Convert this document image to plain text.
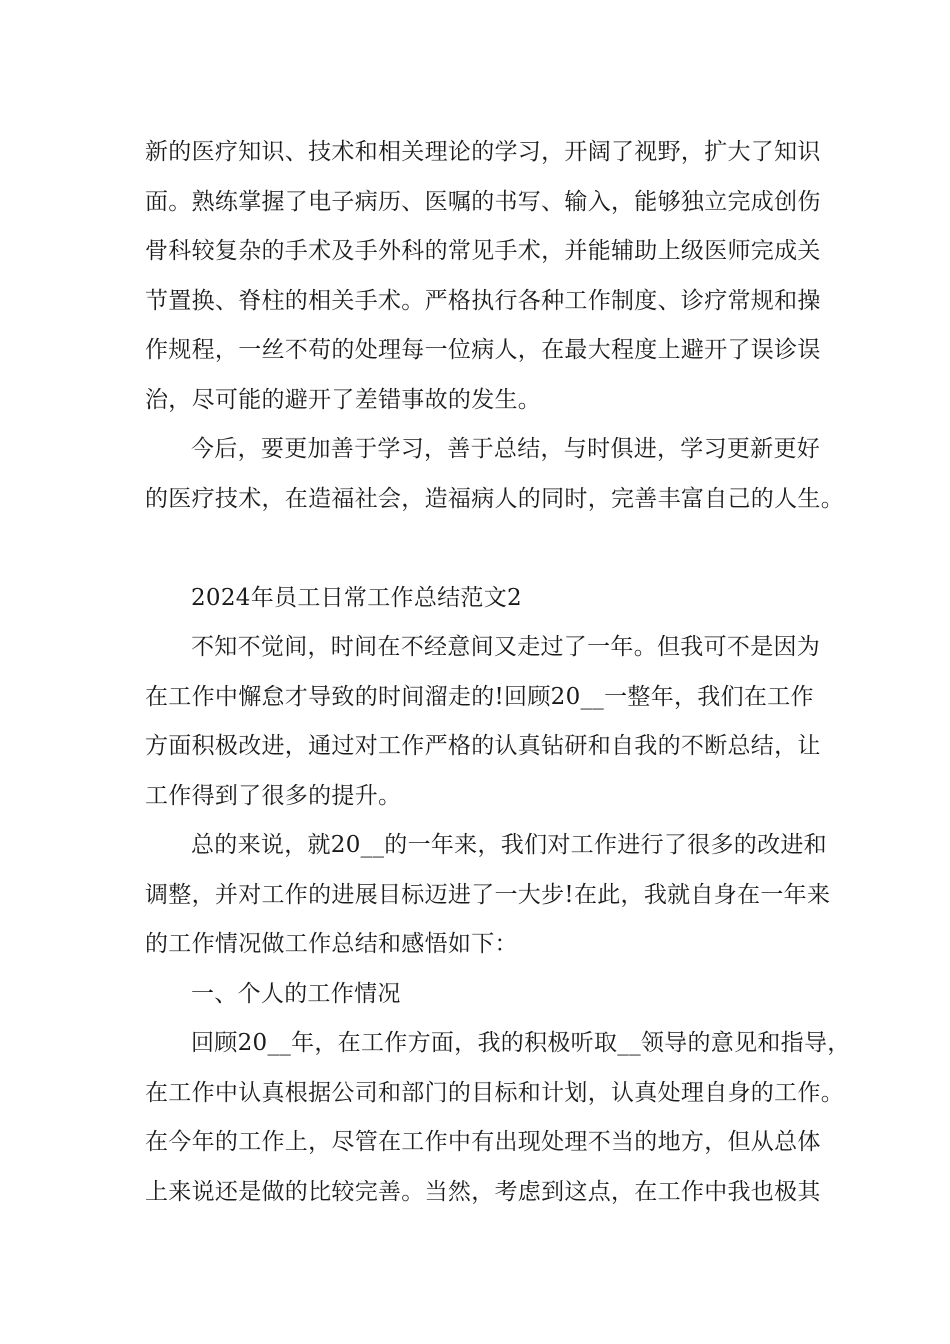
新的医疗知识、技术和相关理论的学习，开阔了视野，扩大了知识

面。熟练掌握了电子病历、医嘱的书写、输入，能够独立完成创伤

骨科较复杂的手术及手外科的常见手术，并能辅助上级医师完成关

节置换、脊柱的相关手术。严格执行各种工作制度、诊疗常规和操

作规程，一丝不苟的处理每一位病人，在最大程度上避开了误诊误

治，尽可能的避开了差错事故的发生。

今后，要更加善于学习，善于总结，与时俱进，学习更新更好

的医疗技术，在造福社会，造福病人的同时，完善丰富自己的人生。

2024年员工日常工作总结范文2

不知不觉间，时间在不经意间又走过了一年。但我可不是因为

在工作中懈怠才导致的时间溜走的!回顾20__一整年，我们在工作

方面积极改进，通过对工作严格的认真钻研和自我的不断总结，让

工作得到了很多的提升。

总的来说，就20__的一年来，我们对工作进行了很多的改进和

调整，并对工作的进展目标迈进了一大步!在此，我就自身在一年来

的工作情况做工作总结和感悟如下：

一、个人的工作情况

回顾20__年，在工作方面，我的积极听取__领导的意见和指导，

在工作中认真根据公司和部门的目标和计划，认真处理自身的工作。

在今年的工作上，尽管在工作中有出现处理不当的地方，但从总体

上来说还是做的比较完善。当然，考虑到这点，在工作中我也极其
